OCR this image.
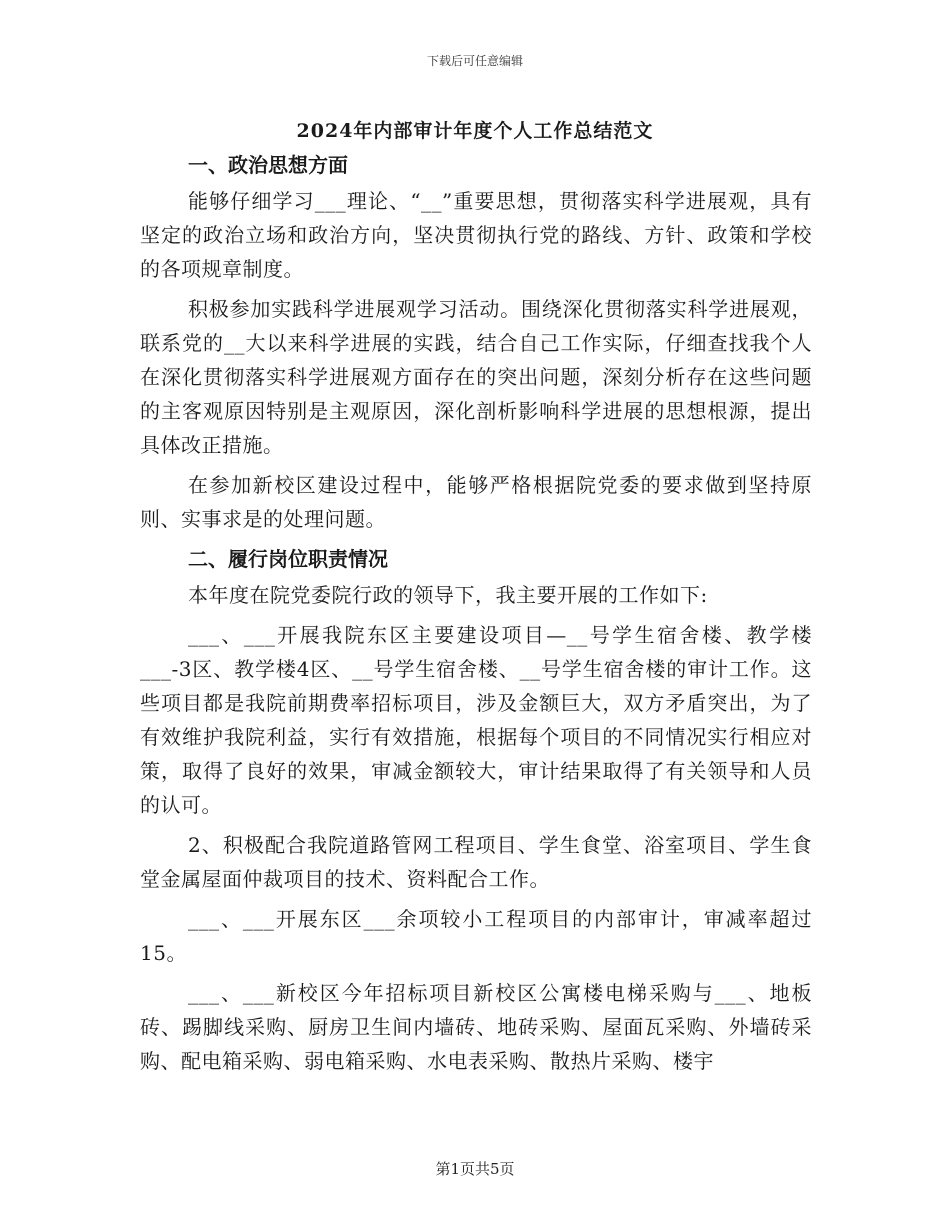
下载后可任意编辑
2024年内部审计年度个人工作总结范文
一、政治思想方面

能够仔细学习___理论、“__”重要思想，贯彻落实科学进展观，具有坚定的政治立场和政治方向，坚决贯彻执行党的路线、方针、政策和学校的各项规章制度。

积极参加实践科学进展观学习活动。围绕深化贯彻落实科学进展观，联系党的__大以来科学进展的实践，结合自己工作实际，仔细查找我个人在深化贯彻落实科学进展观方面存在的突出问题，深刻分析存在这些问题的主客观原因特别是主观原因，深化剖析影响科学进展的思想根源，提出具体改正措施。

在参加新校区建设过程中，能够严格根据院党委的要求做到坚持原则、实事求是的处理问题。

二、履行岗位职责情况

本年度在院党委院行政的领导下，我主要开展的工作如下:

___、___开展我院东区主要建设项目—__号学生宿舍楼、教学楼___-3区、教学楼4区、__号学生宿舍楼、__号学生宿舍楼的审计工作。这些项目都是我院前期费率招标项目，涉及金额巨大，双方矛盾突出，为了有效维护我院利益，实行有效措施，根据每个项目的不同情况实行相应对策，取得了良好的效果，审减金额较大，审计结果取得了有关领导和人员的认可。

2、积极配合我院道路管网工程项目、学生食堂、浴室项目、学生食堂金属屋面仲裁项目的技术、资料配合工作。

___、___开展东区___余项较小工程项目的内部审计，审减率超过15。

___、___新校区今年招标项目新校区公寓楼电梯采购与___、地板砖、踢脚线采购、厨房卫生间内墙砖、地砖采购、屋面瓦采购、外墙砖采购、配电箱采购、弱电箱采购、水电表采购、散热片采购、楼宇

第1页共5页
